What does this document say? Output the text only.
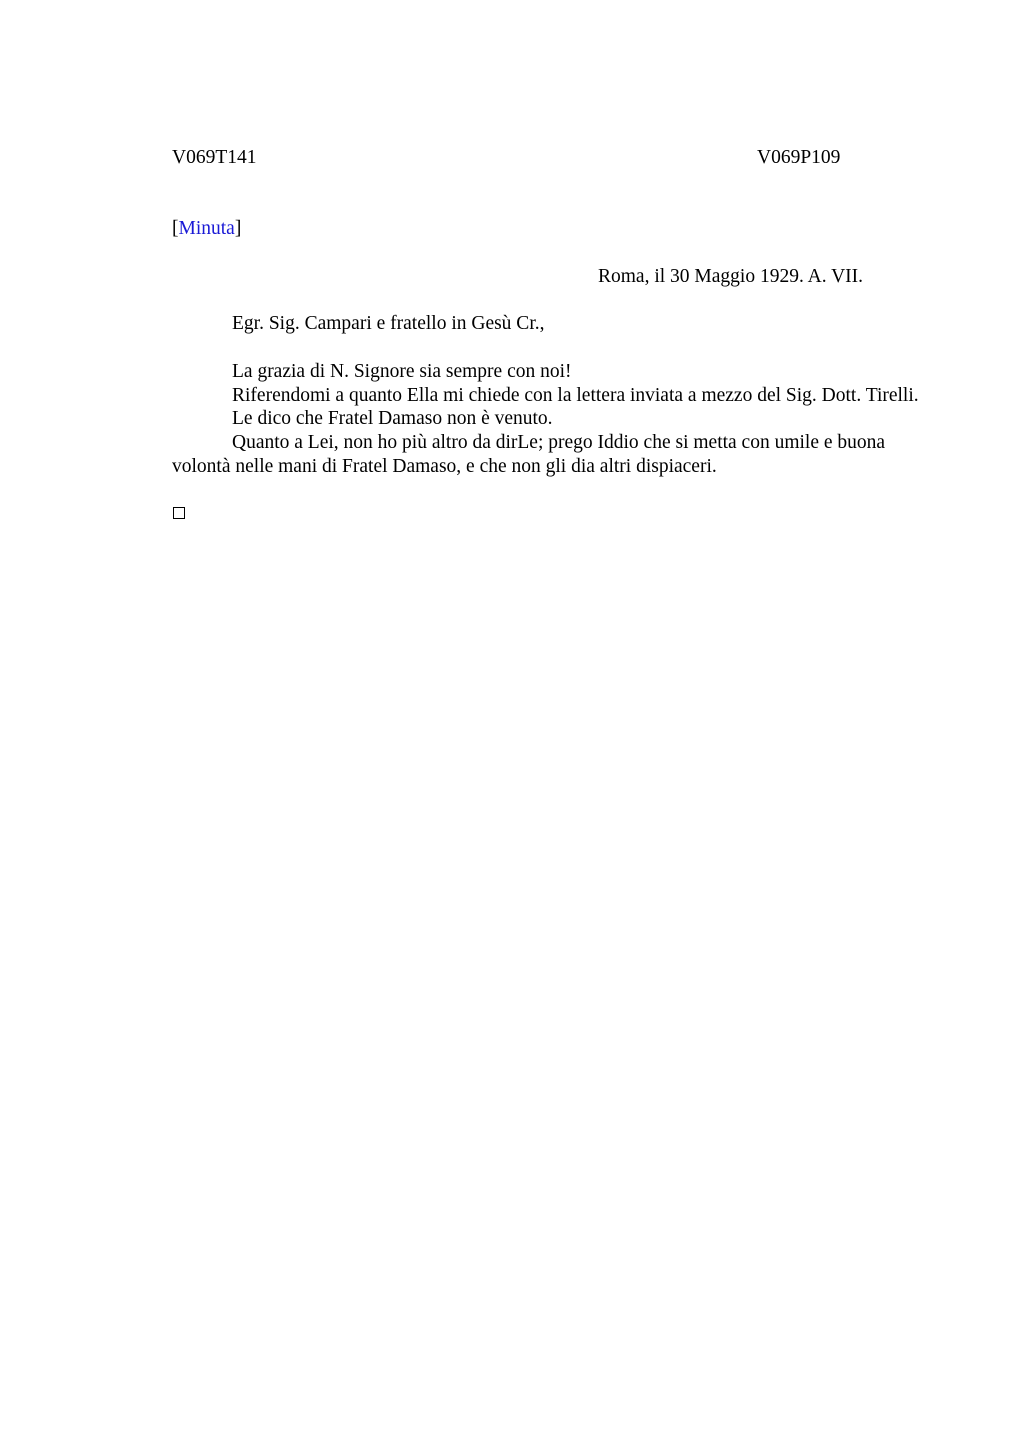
V069T141	V069P109
[Minuta]
Roma, il 30 Maggio 1929. A. VII.
Egr. Sig. Campari e fratello in Gesù Cr.,

La grazia di N. Signore sia sempre con noi!

Riferendomi a quanto Ella mi chiede con la lettera inviata a mezzo del Sig. Dott. Tirelli.

Le dico che Fratel Damaso non è venuto.

Quanto a Lei, non ho più altro da dirLe; prego Iddio che si metta con umile e buona volontà nelle mani di Fratel Damaso, e che non gli dia altri dispiaceri.
